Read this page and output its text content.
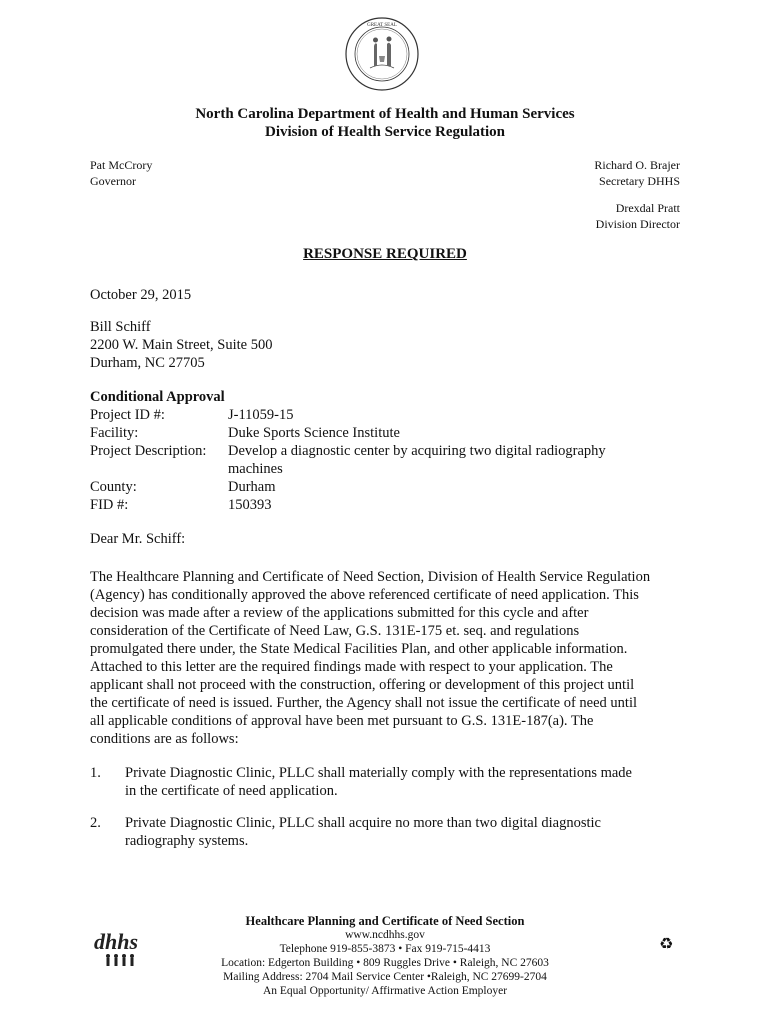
GREAT SEAL
North Carolina Department of Health and Human Services
Division of Health Service Regulation
Pat McCrory
Governor
Richard O. Brajer
Secretary DHHS
Drexdal Pratt
Division Director
RESPONSE REQUIRED
October 29, 2015
Bill Schiff
2200 W. Main Street, Suite 500
Durham, NC 27705
Conditional Approval
Project ID #:	J-11059-15
Facility:	Duke Sports Science Institute
Project Description:	Develop a diagnostic center by acquiring two digital radiography
machines
County:	Durham
FID #:	150393
Dear Mr. Schiff:
The Healthcare Planning and Certificate of Need Section, Division of Health Service Regulation
(Agency) has conditionally approved the above referenced certificate of need application. This
decision was made after a review of the applications submitted for this cycle and after
consideration of the Certificate of Need Law, G.S. 131E-175 et. seq. and regulations
promulgated there under, the State Medical Facilities Plan, and other applicable information.
Attached to this letter are the required findings made with respect to your application. The
applicant shall not proceed with the construction, offering or development of this project until
the certificate of need is issued. Further, the Agency shall not issue the certificate of need until
all applicable conditions of approval have been met pursuant to G.S. 131E-187(a). The
conditions are as follows:
1.	Private Diagnostic Clinic, PLLC shall materially comply with the representations made
in the certificate of need application.
2.	Private Diagnostic Clinic, PLLC shall acquire no more than two digital diagnostic
radiography systems.
Healthcare Planning and Certificate of Need Section
www.ncdhhs.gov
Telephone 919-855-3873 • Fax 919-715-4413
Location: Edgerton Building • 809 Ruggles Drive • Raleigh, NC 27603
Mailing Address: 2704 Mail Service Center •Raleigh, NC 27699-2704
An Equal Opportunity/ Affirmative Action Employer
dhhs	♻
